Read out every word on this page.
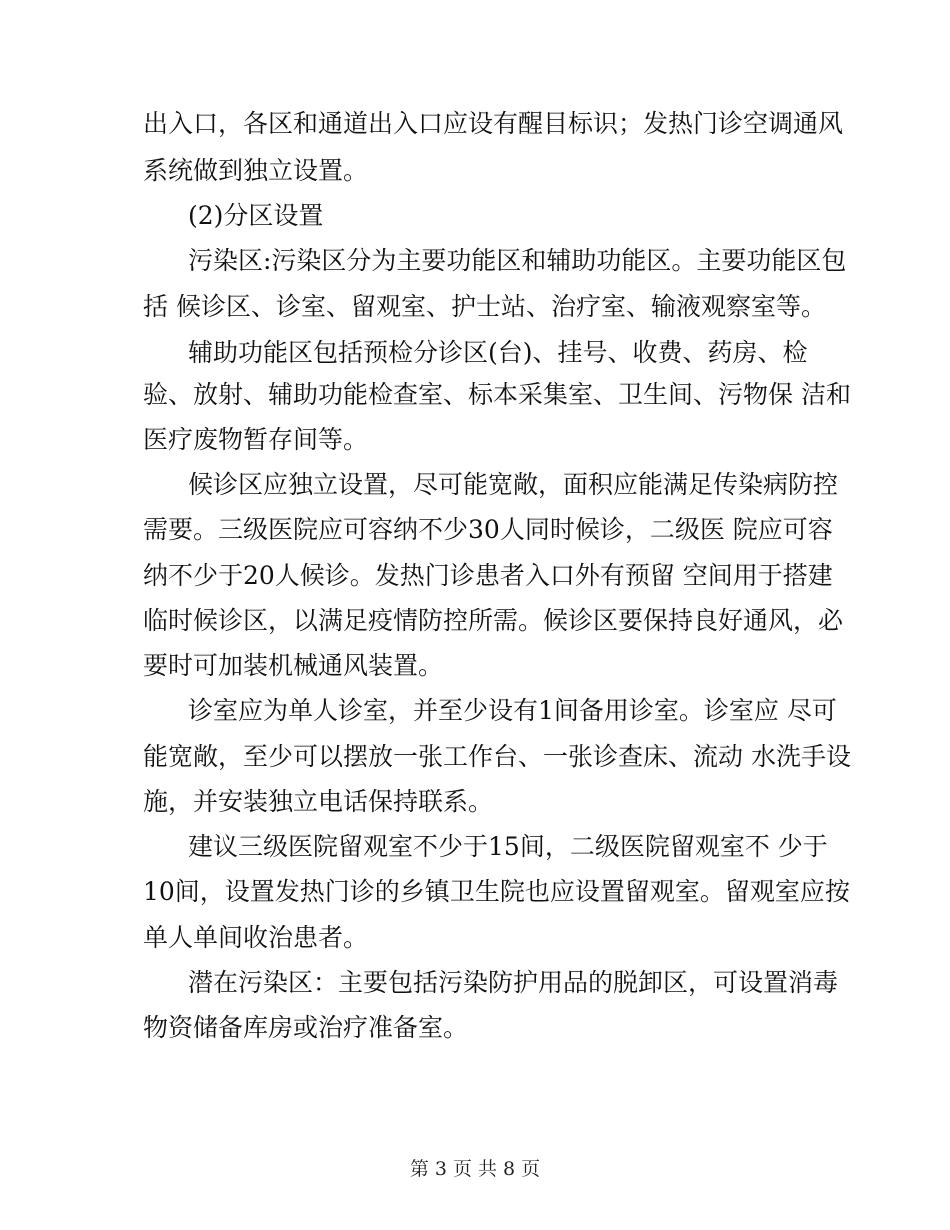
出入口，各区和通道出入口应设有醒目标识；发热门诊空调通风
系统做到独立设置。
(2)分区设置
污染区:污染区分为主要功能区和辅助功能区。主要功能区包
括 候诊区、诊室、留观室、护士站、治疗室、输液观察室等。
辅助功能区包括预检分诊区(台)、挂号、收费、药房、检
验、放射、辅助功能检查室、标本采集室、卫生间、污物保 洁和
医疗废物暂存间等。
候诊区应独立设置，尽可能宽敞，面积应能满足传染病防控
需要。三级医院应可容纳不少30人同时候诊，二级医 院应可容
纳不少于20人候诊。发热门诊患者入口外有预留 空间用于搭建
临时候诊区，以满足疫情防控所需。候诊区要保持良好通风，必
要时可加装机械通风装置。
诊室应为单人诊室，并至少设有1间备用诊室。诊室应 尽可
能宽敞，至少可以摆放一张工作台、一张诊查床、流动 水洗手设
施，并安装独立电话保持联系。
建议三级医院留观室不少于15间，二级医院留观室不 少于
10间，设置发热门诊的乡镇卫生院也应设置留观室。留观室应按
单人单间收治患者。
潜在污染区：主要包括污染防护用品的脱卸区，可设置消毒
物资储备库房或治疗准备室。
第 3 页 共 8 页
